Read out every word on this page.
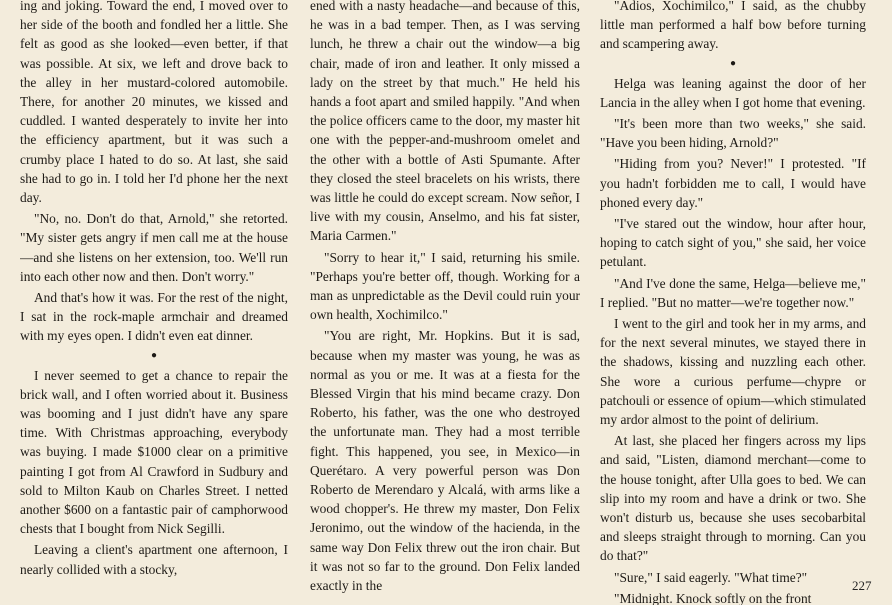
ing and joking. Toward the end, I moved over to her side of the booth and fondled her a little. She felt as good as she looked—even better, if that was possible. At six, we left and drove back to the alley in her mustard-colored automobile. There, for another 20 minutes, we kissed and cuddled. I wanted desperately to invite her into the efficiency apartment, but it was such a crumby place I hated to do so. At last, she said she had to go in. I told her I'd phone her the next day.

"No, no. Don't do that, Arnold," she retorted. "My sister gets angry if men call me at the house—and she listens on her extension, too. We'll run into each other now and then. Don't worry."

And that's how it was. For the rest of the night, I sat in the rock-maple armchair and dreamed with my eyes open. I didn't even eat dinner.

●

I never seemed to get a chance to repair the brick wall, and I often worried about it. Business was booming and I just didn't have any spare time. With Christmas approaching, everybody was buying. I made $1000 clear on a primitive painting I got from Al Crawford in Sudbury and sold to Milton Kaub on Charles Street. I netted another $600 on a fantastic pair of camphorwood chests that I bought from Nick Segilli.

Leaving a client's apartment one afternoon, I nearly collided with a stocky,

ened with a nasty headache—and because of this, he was in a bad temper. Then, as I was serving lunch, he threw a chair out the window—a big chair, made of iron and leather. It only missed a lady on the street by that much." He held his hands a foot apart and smiled happily. "And when the police officers came to the door, my master hit one with the pepper-and-mushroom omelet and the other with a bottle of Asti Spumante. After they closed the steel bracelets on his wrists, there was little he could do except scream. Now señor, I live with my cousin, Anselmo, and his fat sister, Maria Carmen."

"Sorry to hear it," I said, returning his smile. "Perhaps you're better off, though. Working for a man as unpredictable as the Devil could ruin your own health, Xochimilco."

"You are right, Mr. Hopkins. But it is sad, because when my master was young, he was as normal as you or me. It was at a fiesta for the Blessed Virgin that his mind became crazy. Don Roberto, his father, was the one who destroyed the unfortunate man. They had a most terrible fight. This happened, you see, in Mexico—in Querétaro. A very powerful person was Don Roberto de Merendaro y Alcalá, with arms like a wood chopper's. He threw my master, Don Felix Jeronimo, out the window of the hacienda, in the same way Don Felix threw out the iron chair. But it was not so far to the ground. Don Felix landed exactly in the

"Adios, Xochimilco," I said, as the chubby little man performed a half bow before turning and scampering away.

●

Helga was leaning against the door of her Lancia in the alley when I got home that evening.

"It's been more than two weeks," she said. "Have you been hiding, Arnold?"

"Hiding from you? Never!" I protested. "If you hadn't forbidden me to call, I would have phoned every day."

"I've stared out the window, hour after hour, hoping to catch sight of you," she said, her voice petulant.

"And I've done the same, Helga—believe me," I replied. "But no matter—we're together now."

I went to the girl and took her in my arms, and for the next several minutes, we stayed there in the shadows, kissing and nuzzling each other. She wore a curious perfume—chypre or patchouli or essence of opium—which stimulated my ardor almost to the point of delirium.

At last, she placed her fingers across my lips and said, "Listen, diamond merchant—come to the house tonight, after Ulla goes to bed. We can slip into my room and have a drink or two. She won't disturb us, because she uses secobarbital and sleeps straight through to morning. Can you do that?"

"Sure," I said eagerly. "What time?"

"Midnight. Knock softly on the front

227
